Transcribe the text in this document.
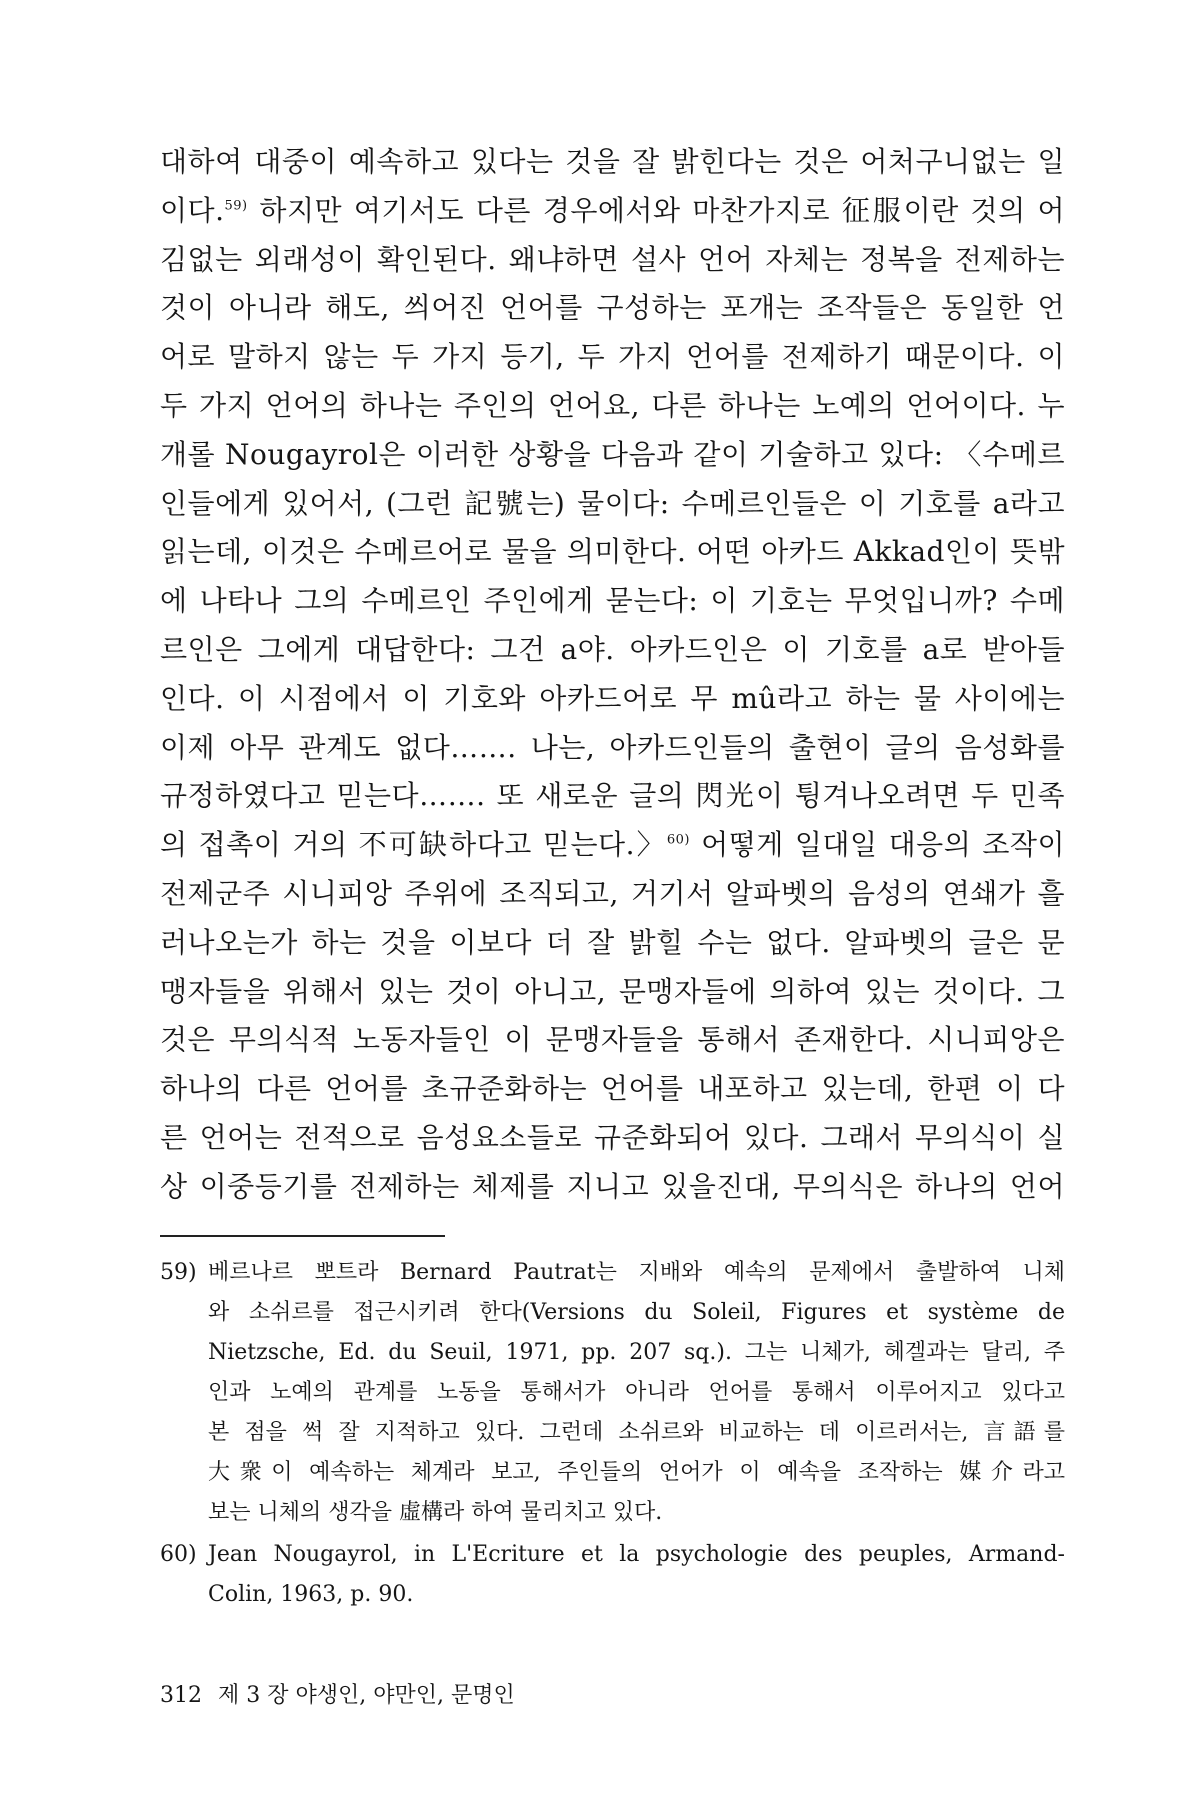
대하여 대중이 예속하고 있다는 것을 잘 밝힌다는 것은 어처구니없는 일
이다.$^{59)}$ 하지만 여기서도 다른 경우에서와 마찬가지로 征服이란 것의 어
김없는 외래성이 확인된다. 왜냐하면 설사 언어 자체는 정복을 전제하는
것이 아니라 해도, 씌어진 언어를 구성하는 포개는 조작들은 동일한 언
어로 말하지 않는 두 가지 등기, 두 가지 언어를 전제하기 때문이다. 이
두 가지 언어의 하나는 주인의 언어요, 다른 하나는 노예의 언어이다. 누
개롤 Nougayrol은 이러한 상황을 다음과 같이 기술하고 있다: 〈수메르
인들에게 있어서, (그런 記號는) 물이다: 수메르인들은 이 기호를 a라고
읽는데, 이것은 수메르어로 물을 의미한다. 어떤 아카드 Akkad인이 뜻밖
에 나타나 그의 수메르인 주인에게 묻는다: 이 기호는 무엇입니까? 수메
르인은 그에게 대답한다: 그건 a야. 아카드인은 이 기호를 a로 받아들
인다. 이 시점에서 이 기호와 아카드어로 무 mû라고 하는 물 사이에는
이제 아무 관계도 없다……. 나는, 아카드인들의 출현이 글의 음성화를
규정하였다고 믿는다……. 또 새로운 글의 閃光이 튕겨나오려면 두 민족
의 접촉이 거의 不可缺하다고 믿는다.〉$^{60)}$ 어떻게 일대일 대응의 조작이
전제군주 시니피앙 주위에 조직되고, 거기서 알파벳의 음성의 연쇄가 흘
러나오는가 하는 것을 이보다 더 잘 밝힐 수는 없다. 알파벳의 글은 문
맹자들을 위해서 있는 것이 아니고, 문맹자들에 의하여 있는 것이다. 그
것은 무의식적 노동자들인 이 문맹자들을 통해서 존재한다. 시니피앙은
하나의 다른 언어를 초규준화하는 언어를 내포하고 있는데, 한편 이 다
른 언어는 전적으로 음성요소들로 규준화되어 있다. 그래서 무의식이 실
상 이중등기를 전제하는 체제를 지니고 있을진대, 무의식은 하나의 언어
59) 베르나르 뽀트라 Bernard Pautrat는 지배와 예속의 문제에서 출발하여 니체
와 소쉬르를 접근시키려 한다(Versions du Soleil, Figures et système de
Nietzsche, Ed. du Seuil, 1971, pp. 207 sq.). 그는 니체가, 헤겔과는 달리, 주
인과 노예의 관계를 노동을 통해서가 아니라 언어를 통해서 이루어지고 있다고
본 점을 썩 잘 지적하고 있다. 그런데 소쉬르와 비교하는 데 이르러서는, 言語를
大衆이 예속하는 체계라 보고, 주인들의 언어가 이 예속을 조작하는 媒介라고
보는 니체의 생각을 虛構라 하여 물리치고 있다.
60) Jean Nougayrol, in L'Ecriture et la psychologie des peuples, Armand-
Colin, 1963, p. 90.
312 제 3 장 야생인, 야만인, 문명인
